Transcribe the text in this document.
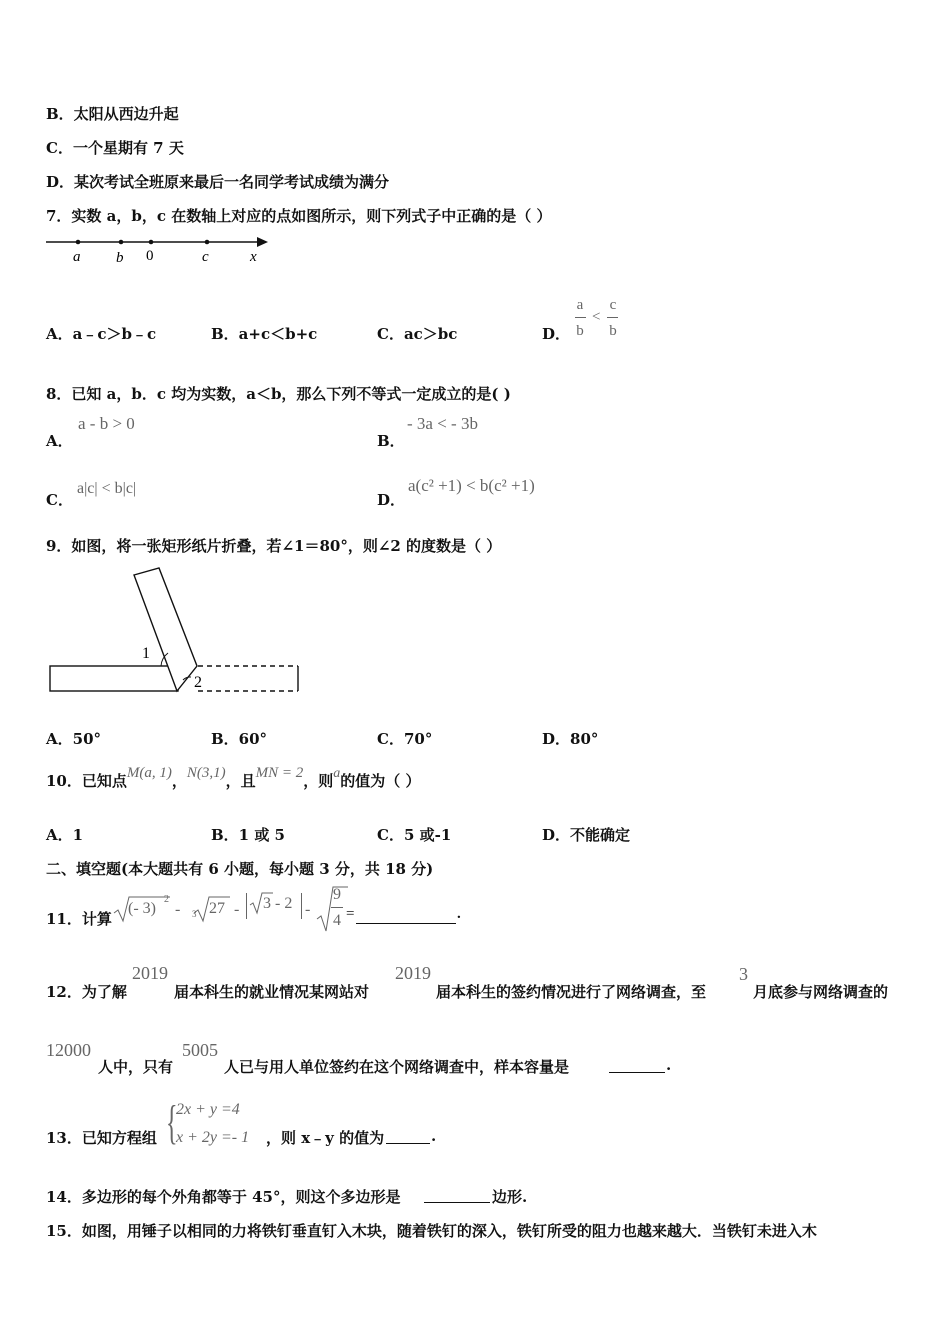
B．太阳从西边升起
C．一个星期有 7 天
D．某次考试全班原来最后一名同学考试成绩为满分
7．实数 a，b，c 在数轴上对应的点如图所示，则下列式子中正确的是（ ）
a b 0	c	x
A．a﹣c＞b﹣c	B．a+c＜b+c	C．ac＞bc	D．
a
b
<
c
b
8．已知 a，b．c 均为实数，a＜b，那么下列不等式一定成立的是( )
A．
a - b > 0
B．
- 3a < - 3b
C．
a|c| < b|c|
D．
a(c² +1) < b(c² +1)
9．如图，将一张矩形纸片折叠，若∠1＝80°，则∠2 的度数是（ ）
1
2
A．50°	B．60°	C．70°	D．80°
10．已知点M(a, 1)，N(3,1)，且MN = 2，则a的值为（ ）
A．1	B．1 或 5	C．5 或-1	D．不能确定
二、填空题(本大题共有 6 小题，每小题 3 分，共 18 分)
11．计算
(- 3)
2
- 3 27 - 3 - 2 -
9
4 =	.
12．为了解
2019
届本科生的就业情况某网站对
2019
届本科生的签约情况进行了网络调查，至
3
月底参与网络调查的
12000
人中，只有
5005
人已与用人单位签约在这个网络调查中，样本容量是	.
13．已知方程组 {
2x + y =4
x + 2y =- 1 ，则 x﹣y 的值为	.
14．多边形的每个外角都等于 45°，则这个多边形是	边形.
15．如图，用锤子以相同的力将铁钉垂直钉入木块，随着铁钉的深入，铁钉所受的阻力也越来越大．当铁钉未进入木
